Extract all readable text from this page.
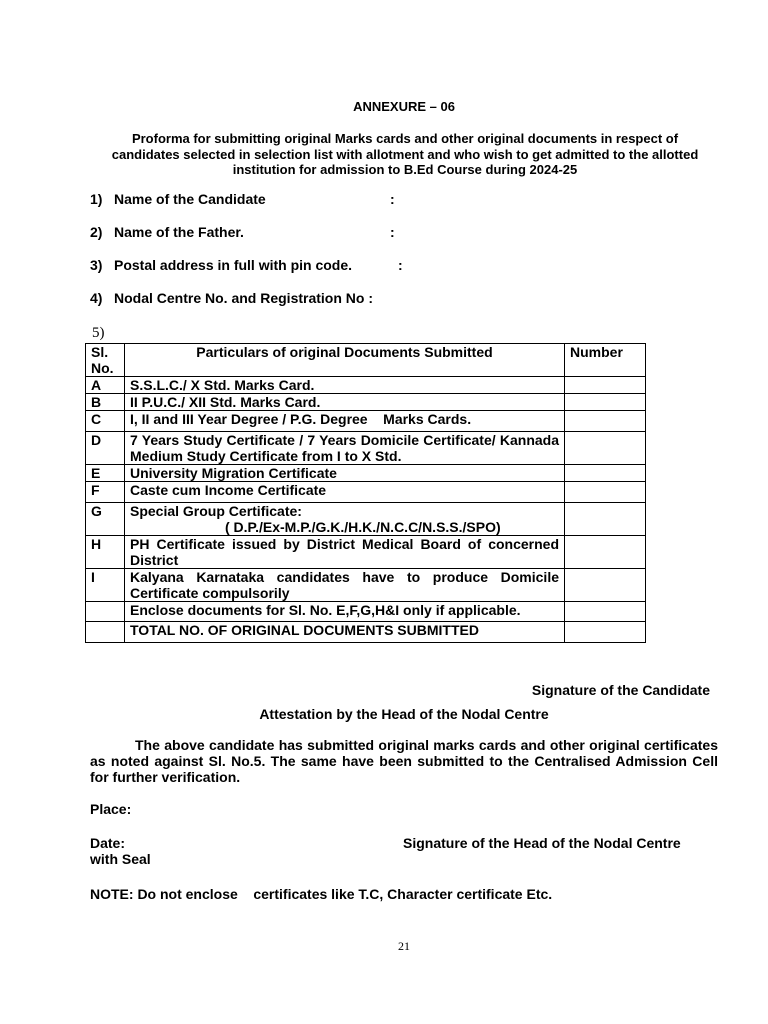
ANNEXURE – 06
Proforma for submitting original Marks cards and other original documents in respect of candidates selected in selection list with allotment and who wish to get admitted to the allotted institution for admission to B.Ed Course during 2024-25
1) Name of the Candidate	:
2) Name of the Father.	:
3) Postal address in full with pin code.	:
4) Nodal Centre No. and Registration No :
5)
Sl. No.	Particulars of original Documents Submitted	Number
A	S.S.L.C./ X Std. Marks Card.	
B	II P.U.C./ XII Std. Marks Card.	
C	I, II and III Year Degree / P.G. Degree    Marks Cards.	
D	7 Years Study Certificate / 7 Years Domicile Certificate/ Kannada Medium Study Certificate from I to X Std.	
E	University Migration Certificate	
F	Caste cum Income Certificate	
G	Special Group Certificate:
( D.P./Ex-M.P./G.K./H.K./N.C.C/N.S.S./SPO)	

H	PH Certificate issued by District Medical Board of concerned District	
I	Kalyana Karnataka candidates have to produce Domicile Certificate compulsorily	
	Enclose documents for Sl. No. E,F,G,H&I only if applicable.	
	TOTAL NO. OF ORIGINAL DOCUMENTS SUBMITTED	
Signature of the Candidate
Attestation by the Head of the Nodal Centre
The above candidate has submitted original marks cards and other original certificates as noted against Sl. No.5. The same have been submitted to the Centralised Admission Cell for further verification.
Place:
Date:	Signature of the Head of the Nodal Centre
with Seal
NOTE: Do not enclose    certificates like T.C, Character certificate Etc.
21
